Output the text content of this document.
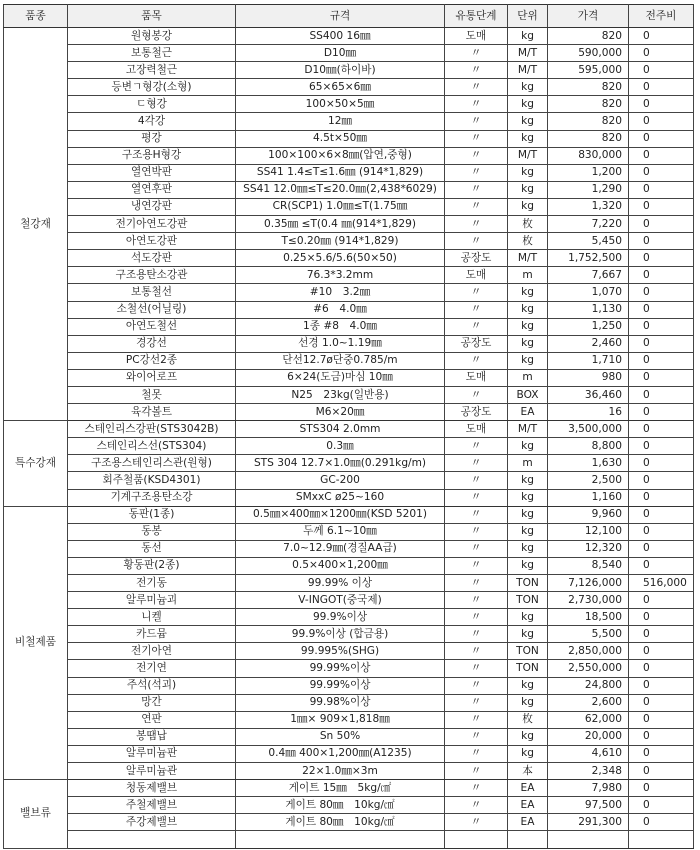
품종	품목	규격	유통단계	단위	가격	전주비
철강재	원형봉강	SS400 16㎜	도매	kg	820	0
	보통철근	D10㎜	〃	M/T	590,000	0
	고장력철근	D10㎜(하이바)	〃	M/T	595,000	0
	등변ㄱ형강(소형)	65×65×6㎜	〃	kg	820	0
	ㄷ형강	100×50×5㎜	〃	kg	820	0
	4각강	12㎜	〃	kg	820	0
	평강	4.5t×50㎜	〃	kg	820	0
	구조용H형강	100×100×6×8㎜(압연,중형)	〃	M/T	830,000	0
	열연박판	SS41 1.4≤T≤1.6㎜ (914*1,829)	〃	kg	1,200	0
	열연후판	SS41 12.0㎜≤T≤20.0㎜(2,438*6029)	〃	kg	1,290	0
	냉연강판	CR(SCP1) 1.0㎜≤T(1.75㎜	〃	kg	1,320	0
	전기아연도강판	0.35㎜ ≤T(0.4 ㎜(914*1,829)	〃	枚	7,220	0
	아연도강판	T≤0.20㎜ (914*1,829)	〃	枚	5,450	0
	석도강판	0.25×5.6/5.6(50×50)	공장도	M/T	1,752,500	0
	구조용탄소강관	76.3*3.2mm	도매	m	7,667	0
	보통철선	#10　3.2㎜	〃	kg	1,070	0
	소철선(어닐링)	#6　4.0㎜	〃	kg	1,130	0
	아연도철선	1종 #8　4.0㎜	〃	kg	1,250	0
	경강선	선경 1.0~1.19㎜	공장도	kg	2,460	0
	PC강선2종	단선12.7ø단중0.785/m	〃	kg	1,710	0
	와이어로프	6×24(도금)마심 10㎜	도매	m	980	0
	철못	N25　23kg(일반용)	〃	BOX	36,460	0
	육각볼트	M6×20㎜	공장도	EA	16	0
특수강재	스테인리스강판(STS3042B)	STS304 2.0mm	도매	M/T	3,500,000	0
	스테인리스선(STS304)	0.3㎜	〃	kg	8,800	0
	구조용스테인리스관(원형)	STS 304 12.7×1.0㎜(0.291kg/m)	〃	m	1,630	0
	회주철품(KSD4301)	GC-200	〃	kg	2,500	0
	기계구조용탄소강	SMxxC ø25~160	〃	kg	1,160	0
비철제품	동판(1종)	0.5㎜×400㎜×1200㎜(KSD 5201)	〃	kg	9,960	0
	동봉	두께 6.1~10㎜	〃	kg	12,100	0
	동선	7.0~12.9㎜(경질AA급)	〃	kg	12,320	0
	황동판(2종)	0.5×400×1,200㎜	〃	kg	8,540	0
	전기동	99.99% 이상	〃	TON	7,126,000	516,000
	알루미늄괴	V-INGOT(중국제)	〃	TON	2,730,000	0
	니켈	99.9%이상	〃	kg	18,500	0
	카드뮴	99.9%이상 (합금용)	〃	kg	5,500	0
	전기아연	99.995%(SHG)	〃	TON	2,850,000	0
	전기연	99.99%이상	〃	TON	2,550,000	0
	주석(석괴)	99.99%이상	〃	kg	24,800	0
	망간	99.98%이상	〃	kg	2,600	0
	연판	1㎜× 909×1,818㎜	〃	枚	62,000	0
	봉땜납	Sn 50%	〃	kg	20,000	0
	알루미늄판	0.4㎜ 400×1,200㎜(A1235)	〃	kg	4,610	0
	알루미늄관	22×1.0㎜×3m	〃	本	2,348	0
밸브류	청동제밸브	게이트 15㎜　5kg/㎠	〃	EA	7,980	0
	주철제밸브	게이트 80㎜　10kg/㎠	〃	EA	97,500	0
	주강제밸브	게이트 80㎜　10kg/㎠	〃	EA	291,300	0
